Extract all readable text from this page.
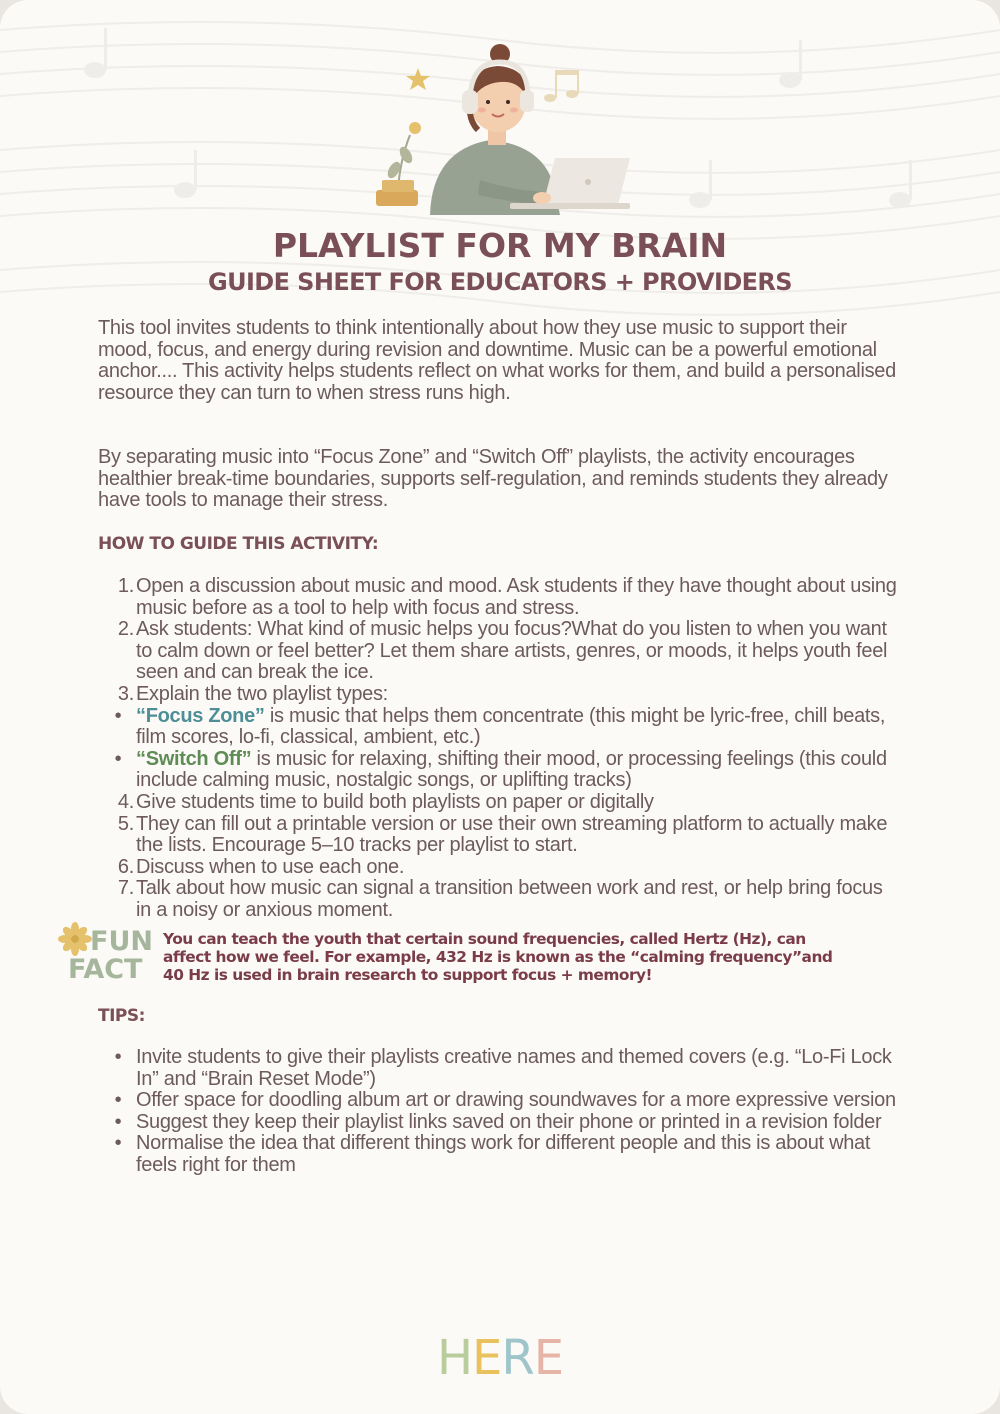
PLAYLIST FOR MY BRAIN
GUIDE SHEET FOR EDUCATORS + PROVIDERS

This tool invites students to think intentionally about how they use music to support their mood, focus, and energy during revision and downtime. Music can be a powerful emotional anchor.... This activity helps students reflect on what works for them, and build a personalised resource they can turn to when stress runs high.

By separating music into “Focus Zone” and “Switch Off” playlists, the activity encourages healthier break-time boundaries, supports self-regulation, and reminds students they already have tools to manage their stress.

HOW TO GUIDE THIS ACTIVITY:
1. Open a discussion about music and mood. Ask students if they have thought about using music before as a tool to help with focus and stress.
2. Ask students: What kind of music helps you focus?What do you listen to when you want to calm down or feel better? Let them share artists, genres, or moods, it helps youth feel seen and can break the ice.
3. Explain the two playlist types:
• “Focus Zone” is music that helps them concentrate (this might be lyric-free, chill beats, film scores, lo-fi, classical, ambient, etc.)
• “Switch Off” is music for relaxing, shifting their mood, or processing feelings (this could include calming music, nostalgic songs, or uplifting tracks)
4. Give students time to build both playlists on paper or digitally
5. They can fill out a printable version or use their own streaming platform to actually make the lists. Encourage 5–10 tracks per playlist to start.
6. Discuss when to use each one.
7. Talk about how music can signal a transition between work and rest, or help bring focus in a noisy or anxious moment.
FUN
FACT
You can teach the youth that certain sound frequencies, called Hertz (Hz), can affect how we feel. For example, 432 Hz is known as the “calming frequency”and 40 Hz is used in brain research to support focus + memory!
TIPS:
• Invite students to give their playlists creative names and themed covers (e.g. “Lo-Fi Lock In” and “Brain Reset Mode”)
• Offer space for doodling album art or drawing soundwaves for a more expressive version
• Suggest they keep their playlist links saved on their phone or printed in a revision folder
• Normalise the idea that different things work for different people and this is about what feels right for them
HERE
